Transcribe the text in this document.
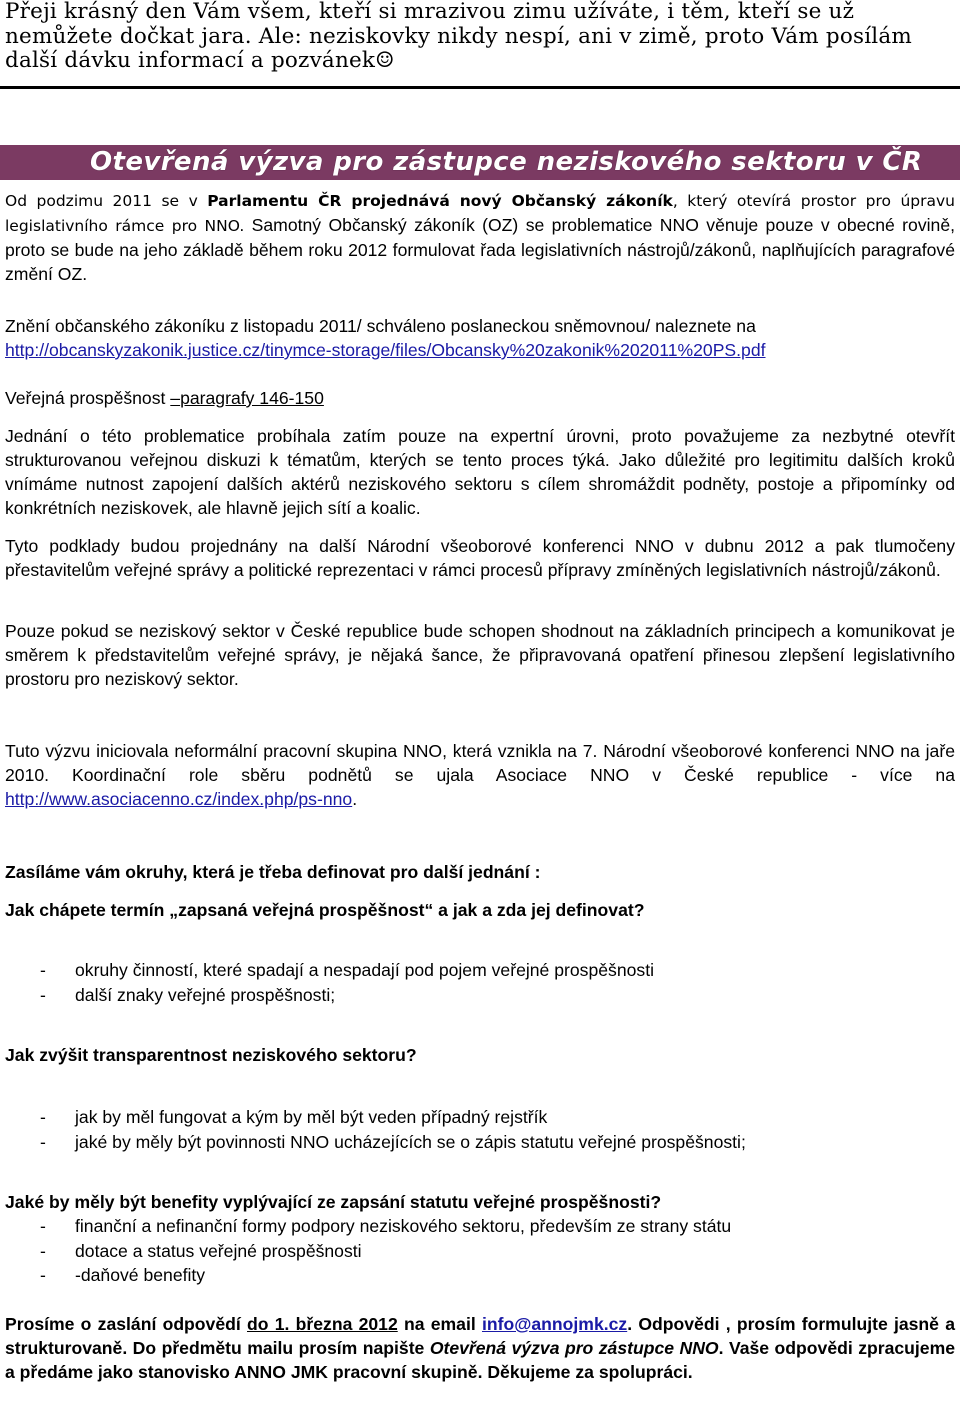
Přeji krásný den Vám všem, kteří si mrazivou zimu užíváte, i těm, kteří se už nemůžete dočkat jara. Ale: neziskovky nikdy nespí, ani v zimě, proto Vám posílám další dávku informací a pozvánek☺
Otevřená výzva pro zástupce neziskového sektoru v ČR
Od podzimu 2011 se v Parlamentu ČR projednává nový Občanský zákoník, který otevírá prostor pro úpravu legislativního rámce pro NNO. Samotný Občanský zákoník (OZ) se problematice NNO věnuje pouze v obecné rovině, proto se bude na jeho základě během roku 2012 formulovat řada legislativních nástrojů/zákonů, naplňujících paragrafové změní OZ.
Znění občanského zákoníku z listopadu 2011/ schváleno poslaneckou sněmovnou/ naleznete na
http://obcanskyzakonik.justice.cz/tinymce-storage/files/Obcansky%20zakonik%202011%20PS.pdf
Veřejná prospěšnost –paragrafy 146-150
Jednání o této problematice probíhala zatím pouze na expertní úrovni, proto považujeme za nezbytné otevřít strukturovanou veřejnou diskuzi k tématům, kterých se tento proces týká. Jako důležité pro legitimitu dalších kroků vnímáme nutnost zapojení dalších aktérů neziskového sektoru s cílem shromáždit podněty, postoje a připomínky od konkrétních neziskovek, ale hlavně jejich sítí a koalic.
Tyto podklady budou projednány na další Národní všeoborové konferenci NNO v dubnu 2012 a pak tlumočeny přestavitelům veřejné správy a politické reprezentaci v rámci procesů přípravy zmíněných legislativních nástrojů/zákonů.
Pouze pokud se neziskový sektor v České republice bude schopen shodnout na základních principech a komunikovat je směrem k představitelům veřejné správy, je nějaká šance, že připravovaná opatření přinesou zlepšení legislativního prostoru pro neziskový sektor.
Tuto výzvu iniciovala neformální pracovní skupina NNO, která vznikla na 7. Národní všeoborové konferenci NNO na jaře 2010. Koordinační role sběru podnětů se ujala Asociace NNO v České republice - více na http://www.asociacenno.cz/index.php/ps-nno.
Zasíláme vám okruhy, která je třeba definovat pro další jednání :
Jak chápete termín „zapsaná veřejná prospěšnost“ a jak a zda jej definovat?
-	okruhy činností, které spadají a nespadají pod pojem veřejné prospěšnosti
-	další znaky veřejné prospěšnosti;
Jak zvýšit transparentnost neziskového sektoru?
-	jak by měl fungovat a kým by měl být veden případný rejstřík
-	jaké by měly být povinnosti NNO ucházejících se o zápis statutu veřejné prospěšnosti;
Jaké by měly být benefity vyplývající ze zapsání statutu veřejné prospěšnosti?
-	finanční a nefinanční formy podpory neziskového sektoru, především ze strany státu
-	dotace a status veřejné prospěšnosti
-	-daňové benefity
Prosíme o zaslání odpovědí do 1. března 2012 na email info@annojmk.cz. Odpovědi , prosím formulujte jasně a strukturovaně. Do předmětu mailu prosím napište Otevřená výzva pro zástupce NNO. Vaše odpovědi zpracujeme a předáme jako stanovisko ANNO JMK pracovní skupině. Děkujeme za spolupráci.
